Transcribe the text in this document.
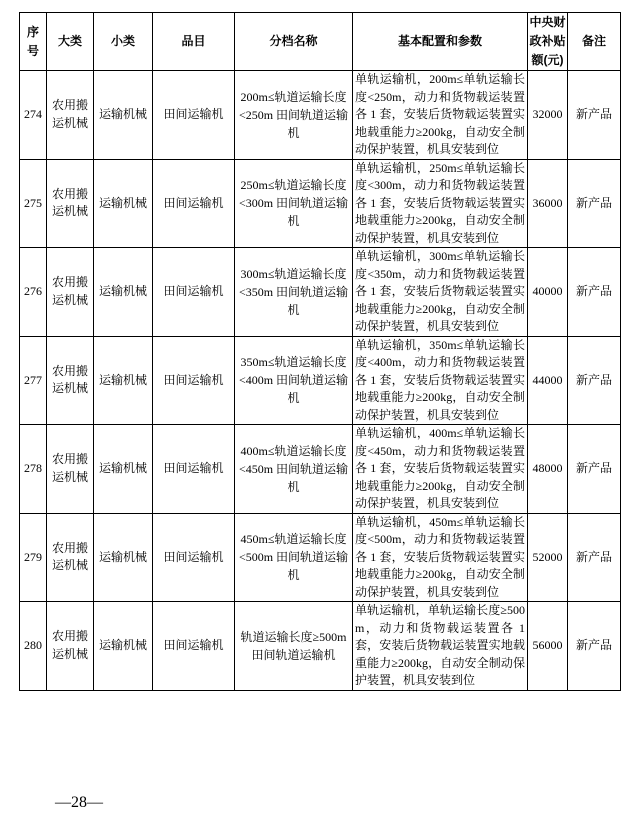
序号	大类	小类	品目	分档名称	基本配置和参数	中央财政补贴额(元)	备注
274	农用搬运机械	运输机械	田间运输机	200m≤轨道运输长度<250m 田间轨道运输机	单轨运输机，200m≤单轨运输长度<250m，动力和货物载运装置各 1 套，安装后货物载运装置实地载重能力≥200kg，自动安全制动保护装置，机具安装到位	32000	新产品
275	农用搬运机械	运输机械	田间运输机	250m≤轨道运输长度<300m 田间轨道运输机	单轨运输机，250m≤单轨运输长度<300m，动力和货物载运装置各 1 套，安装后货物载运装置实地载重能力≥200kg，自动安全制动保护装置，机具安装到位	36000	新产品
276	农用搬运机械	运输机械	田间运输机	300m≤轨道运输长度<350m 田间轨道运输机	单轨运输机，300m≤单轨运输长度<350m，动力和货物载运装置各 1 套，安装后货物载运装置实地载重能力≥200kg，自动安全制动保护装置，机具安装到位	40000	新产品
277	农用搬运机械	运输机械	田间运输机	350m≤轨道运输长度<400m 田间轨道运输机	单轨运输机，350m≤单轨运输长度<400m，动力和货物载运装置各 1 套，安装后货物载运装置实地载重能力≥200kg，自动安全制动保护装置，机具安装到位	44000	新产品
278	农用搬运机械	运输机械	田间运输机	400m≤轨道运输长度<450m 田间轨道运输机	单轨运输机，400m≤单轨运输长度<450m，动力和货物载运装置各 1 套，安装后货物载运装置实地载重能力≥200kg，自动安全制动保护装置，机具安装到位	48000	新产品
279	农用搬运机械	运输机械	田间运输机	450m≤轨道运输长度<500m 田间轨道运输机	单轨运输机，450m≤单轨运输长度<500m，动力和货物载运装置各 1 套，安装后货物载运装置实地载重能力≥200kg，自动安全制动保护装置，机具安装到位	52000	新产品
280	农用搬运机械	运输机械	田间运输机	轨道运输长度≥500m 田间轨道运输机	单轨运输机，单轨运输长度≥500m，动力和货物载运装置各 1 套，安装后货物载运装置实地载重能力≥200kg，自动安全制动保护装置，机具安装到位	56000	新产品
—28—
